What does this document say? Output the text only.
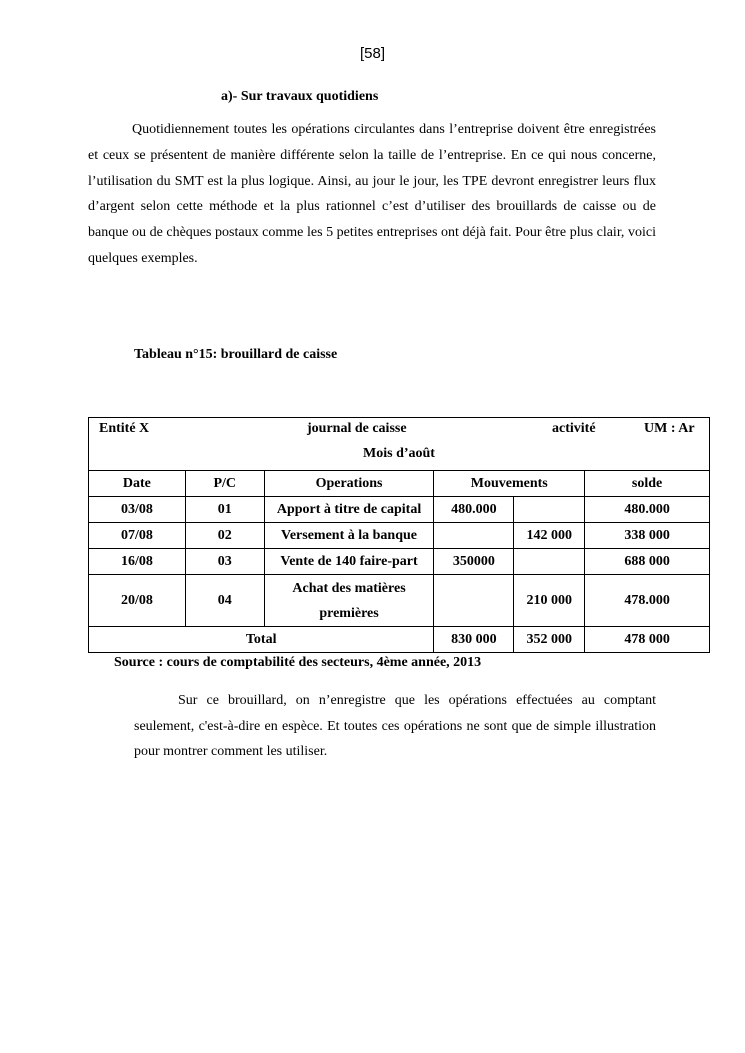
[58]
a)- Sur travaux quotidiens

Quotidiennement toutes les opérations circulantes dans l’entreprise doivent être enregistrées et ceux se présentent de manière différente selon la taille de l’entreprise. En ce qui nous concerne, l’utilisation du SMT est la plus logique. Ainsi, au jour le jour, les TPE devront enregistrer leurs flux d’argent selon cette méthode et la plus rationnel c’est d’utiliser des brouillards de caisse ou de banque ou de chèques postaux comme les 5 petites entreprises ont déjà fait. Pour être plus clair, voici quelques exemples.

Tableau n°15: brouillard de caisse
Entité X journal de caisse activité UM : Ar
Mois d’août					

Date	P/C	Operations	Mouvements		solde
03/08	01	Apport à titre de capital	480.000		480.000
07/08	02	Versement à la banque		142 000	338 000
16/08	03	Vente de 140 faire-part	350000		688 000
20/08	04	Achat des matières premières		210 000	478.000
Total			830 000	352 000	478 000
Source : cours de comptabilité des secteurs, 4ème année, 2013

Sur ce brouillard, on n’enregistre que les opérations effectuées au comptant seulement, c'est-à-dire en espèce. Et toutes ces opérations ne sont que de simple illustration pour montrer comment les utiliser.
